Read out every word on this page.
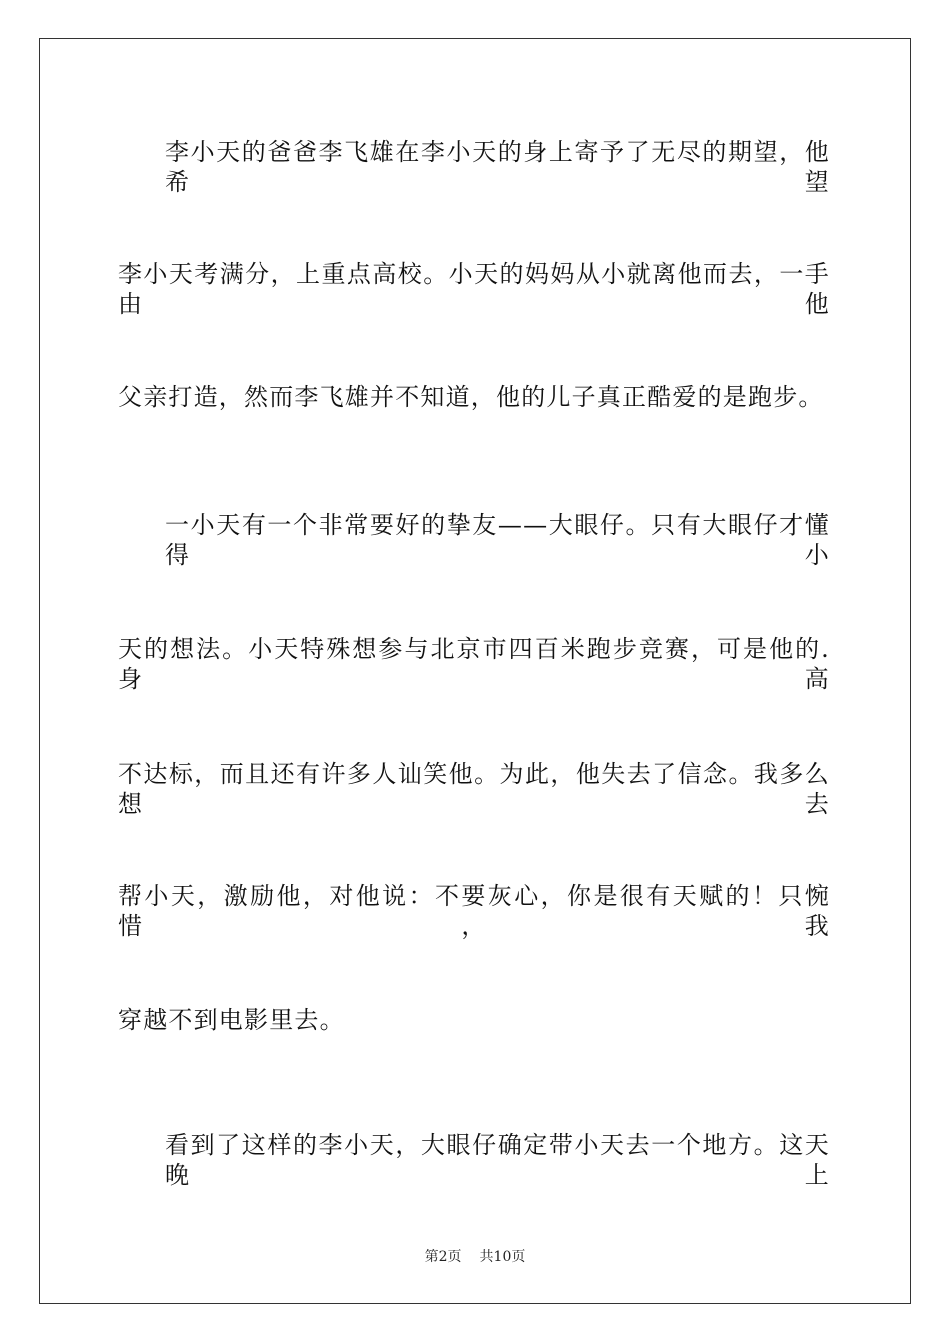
李小天的爸爸李飞雄在李小天的身上寄予了无尽的期望，他希望
李小天考满分，上重点高校。小天的妈妈从小就离他而去，一手由他
父亲打造，然而李飞雄并不知道，他的儿子真正酷爱的是跑步。
一小天有一个非常要好的挚友——大眼仔。只有大眼仔才懂得小
天的想法。小天特殊想参与北京市四百米跑步竞赛，可是他的.身高
不达标，而且还有许多人讪笑他。为此，他失去了信念。我多么想去
帮小天，激励他，对他说：不要灰心，你是很有天赋的！只惋惜，我
穿越不到电影里去。
看到了这样的李小天，大眼仔确定带小天去一个地方。这天晚上
第2页 共10页
